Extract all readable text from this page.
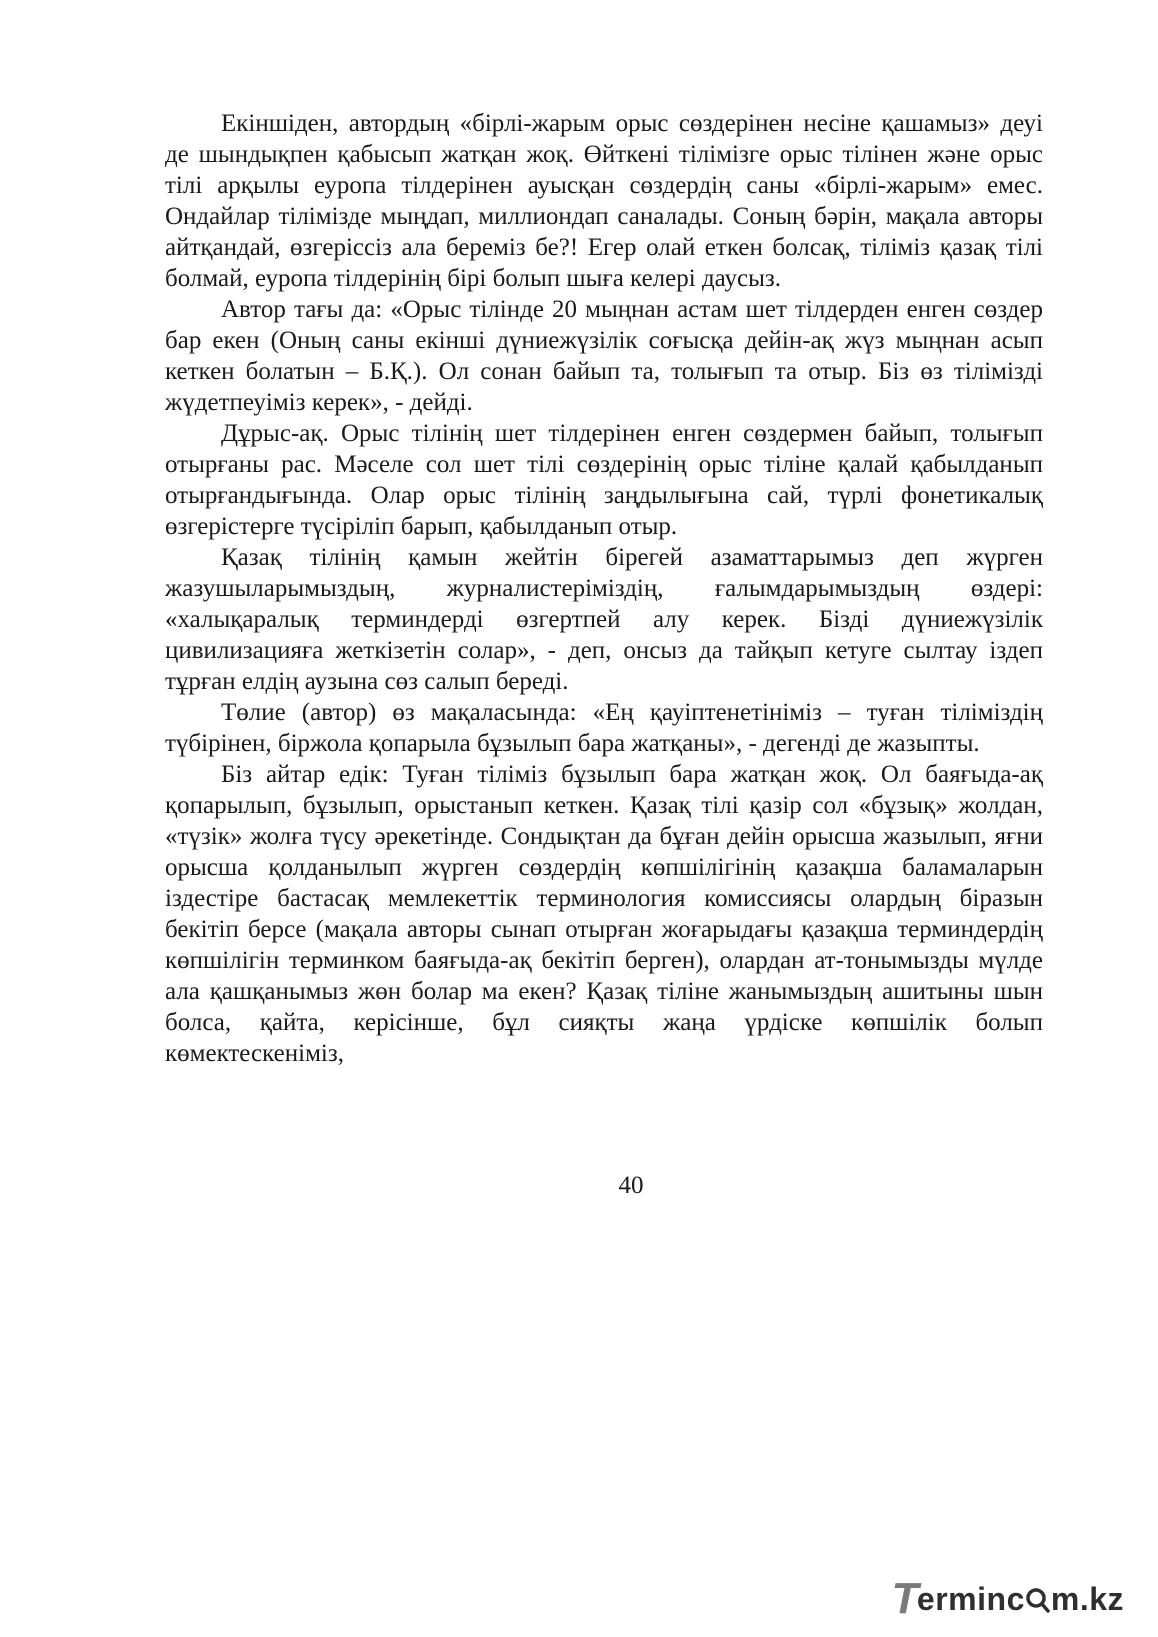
Екіншіден, автордың «бірлі-жарым орыс сөздерінен несіне қашамыз» деуі де шындықпен қабысып жатқан жоқ. Өйткені тілімізге орыс тілінен және орыс тілі арқылы еуропа тілдерінен ауысқан сөздердің саны «бірлі-жарым» емес. Ондайлар тілімізде мыңдап, миллиондап саналады. Соның бәрін, мақала авторы айтқандай, өзгеріссіз ала береміз бе?! Егер олай еткен болсақ, тіліміз қазақ тілі болмай, еуропа тілдерінің бірі болып шыға келері даусыз.

Автор тағы да: «Орыс тілінде 20 мыңнан астам шет тілдерден енген сөздер бар екен (Оның саны екінші дүниежүзілік соғысқа дейін-ақ жүз мыңнан асып кеткен болатын – Б.Қ.). Ол сонан байып та, толығып та отыр. Біз өз тілімізді жүдетпеуіміз керек», - дейді.

Дұрыс-ақ. Орыс тілінің шет тілдерінен енген сөздермен байып, толығып отырғаны рас. Мәселе сол шет тілі сөздерінің орыс тіліне қалай қабылданып отырғандығында. Олар орыс тілінің заңдылығына сай, түрлі фонетикалық өзгерістерге түсіріліп барып, қабылданып отыр.

Қазақ тілінің қамын жейтін бірегей азаматтарымыз деп жүрген жазушыларымыздың, журналистеріміздің, ғалымдарымыздың өздері: «халықаралық терминдерді өзгертпей алу керек. Бізді дүниежүзілік цивилизацияға жеткізетін солар», - деп, онсыз да тайқып кетуге сылтау іздеп тұрған елдің аузына сөз салып береді.

Төлие (автор) өз мақаласында: «Ең қауіптенетініміз – туған тіліміздің түбірінен, біржола қопарыла бұзылып бара жатқаны», - дегенді де жазыпты.

Біз айтар едік: Туған тіліміз бұзылып бара жатқан жоқ. Ол баяғыда-ақ қопарылып, бұзылып, орыстанып кеткен. Қазақ тілі қазір сол «бұзық» жолдан, «түзік» жолға түсу әрекетінде. Сондықтан да бұған дейін орысша жазылып, яғни орысша қолданылып жүрген сөздердің көпшілігінің қазақша баламаларын іздестіре бастасақ мемлекеттік терминология комиссиясы олардың біразын бекітіп берсе (мақала авторы сынап отырған жоғарыдағы қазақша терминдердің көпшілігін терминком баяғыда-ақ бекітіп берген), олардан ат-тонымызды мүлде ала қашқанымыз жөн болар ма екен? Қазақ тіліне жанымыздың ашитыны шын болса, қайта, керісінше, бұл сияқты жаңа үрдіске көпшілік болып көмектескеніміз,

40
T
erminc m.kz
